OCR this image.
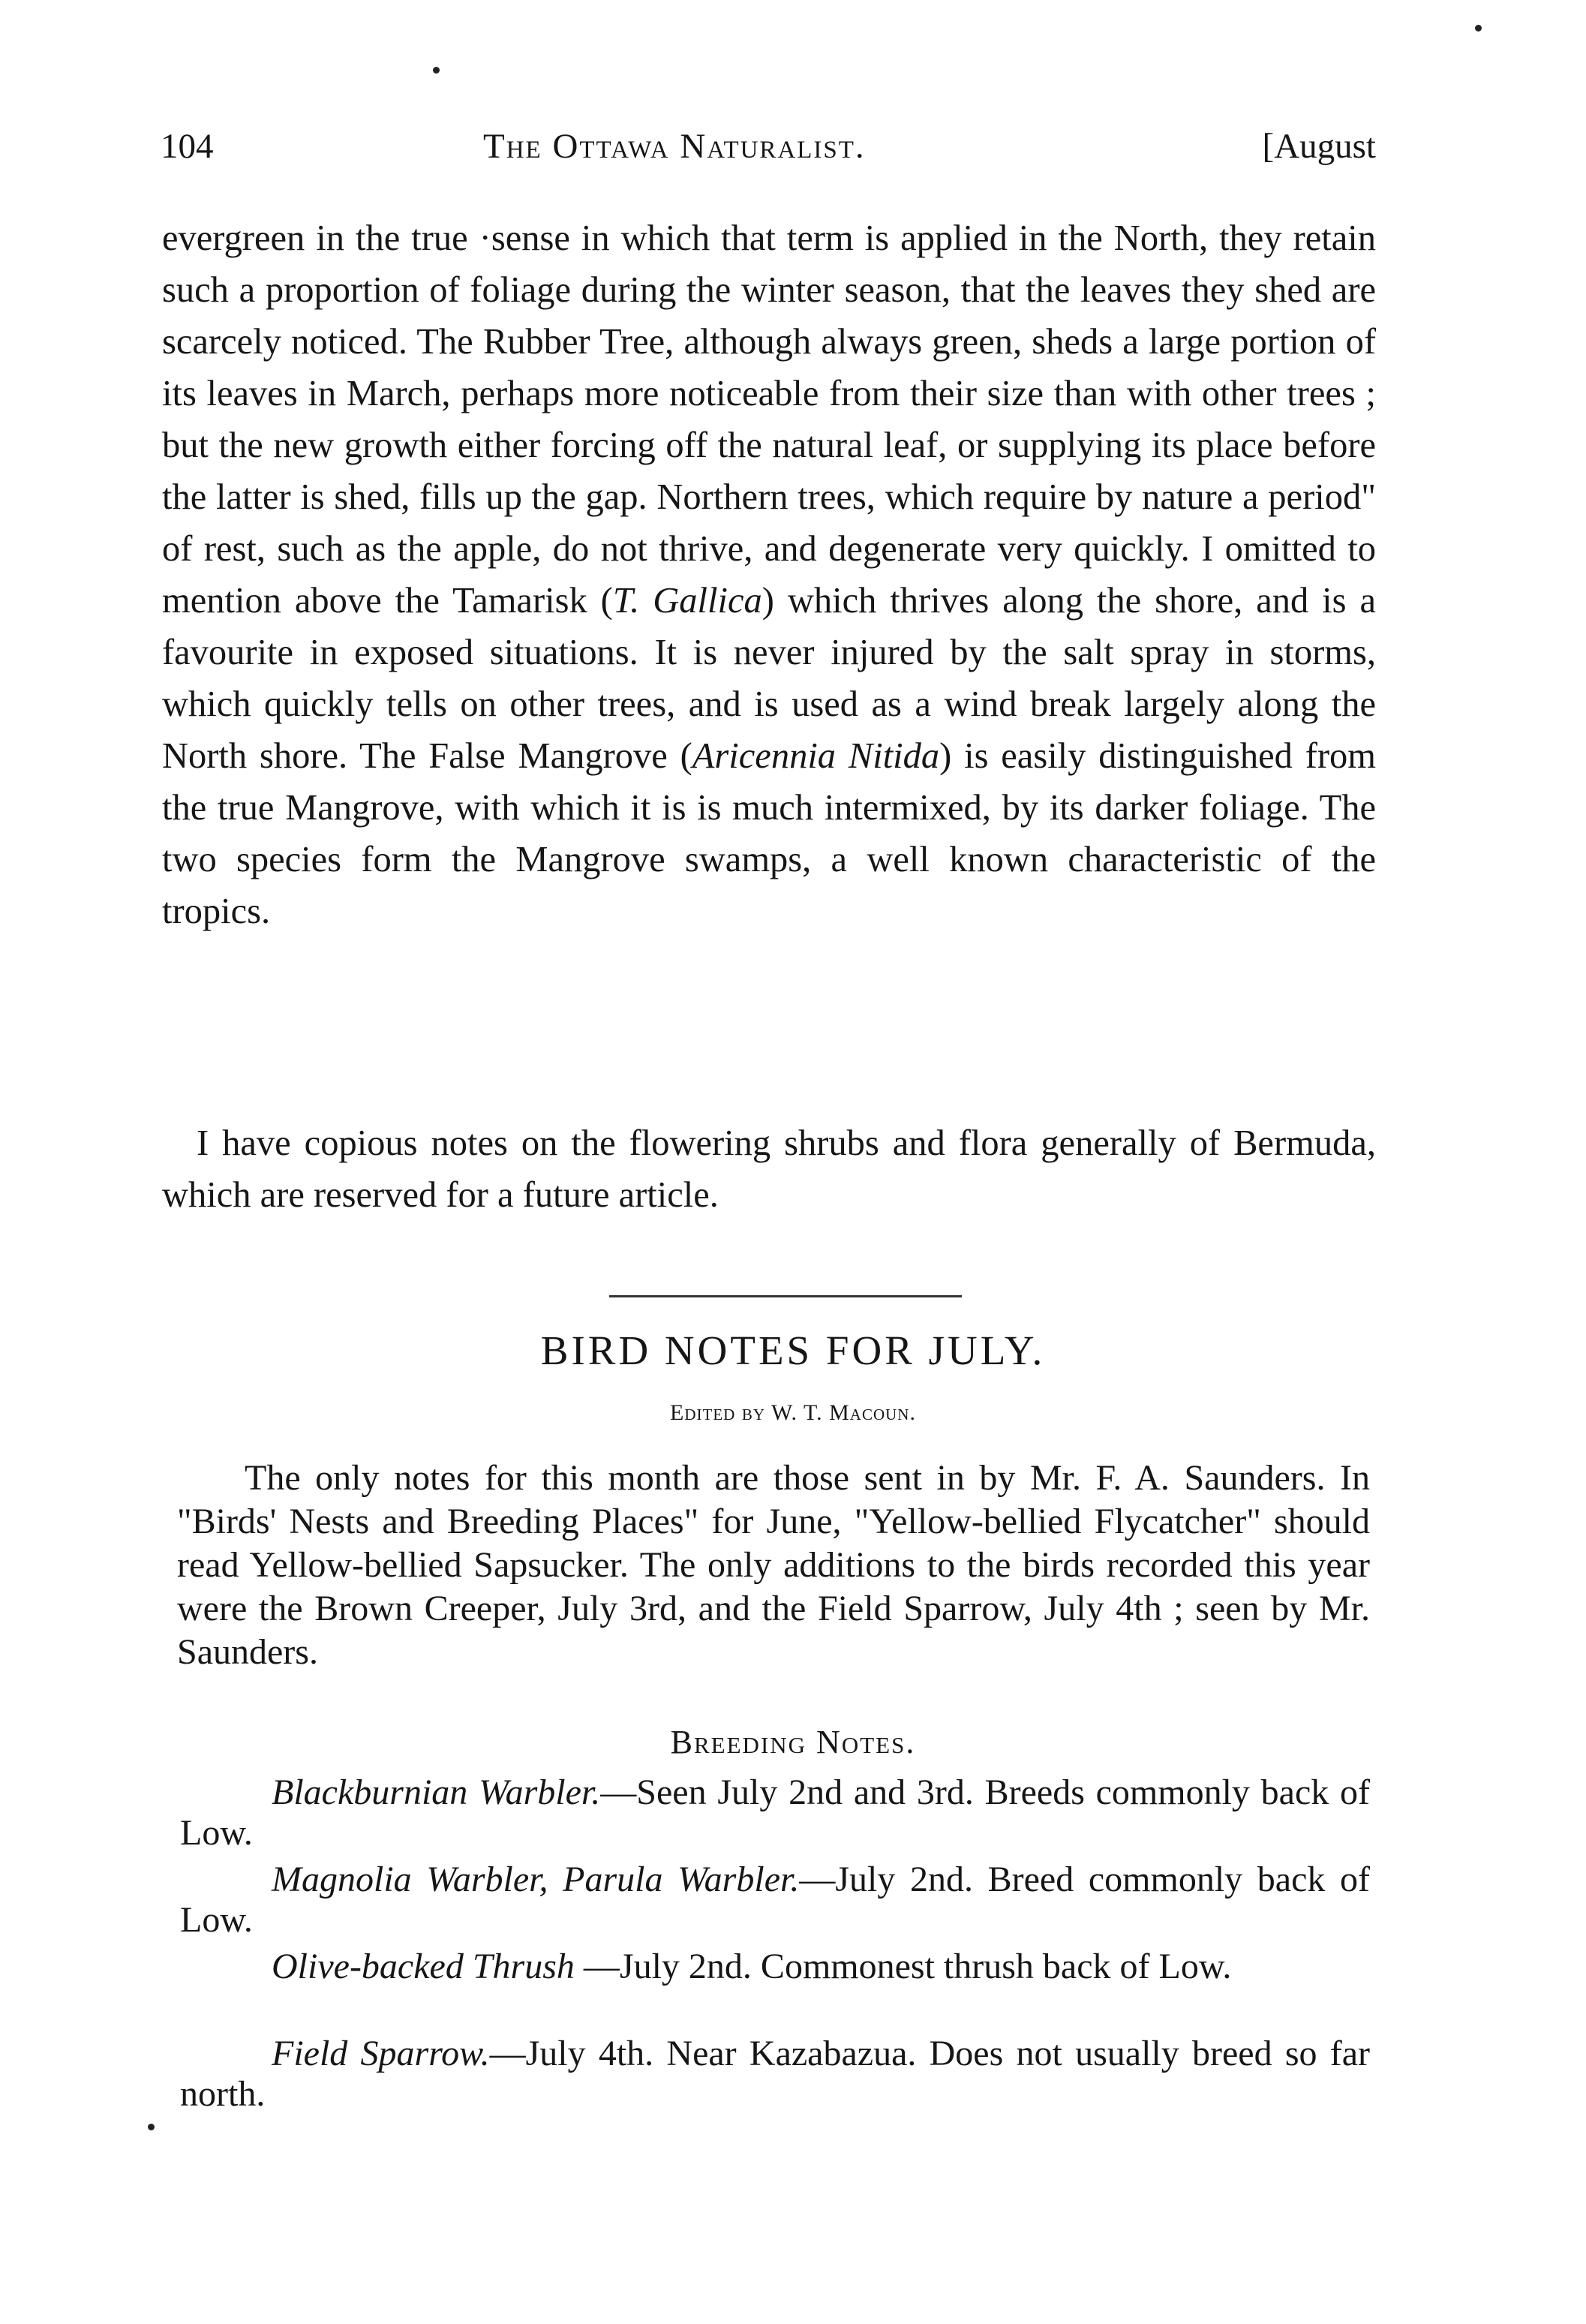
104	The Ottawa Naturalist.	[August

evergreen in the true ·sense in which that term is applied in the North, they retain such a proportion of foliage during the winter season, that the leaves they shed are scarcely noticed. The Rubber Tree, although always green, sheds a large portion of its leaves in March, perhaps more noticeable from their size than with other trees ; but the new growth either forcing off the natural leaf, or supplying its place before the latter is shed, fills up the gap. Northern trees, which require by nature a period" of rest, such as the apple, do not thrive, and degenerate very quickly. I omitted to mention above the Tamarisk (T. Gallica) which thrives along the shore, and is a favourite in exposed situations. It is never injured by the salt spray in storms, which quickly tells on other trees, and is used as a wind break largely along the North shore. The False Mangrove (Aricennia Nitida) is easily distinguished from the true Mangrove, with which it is is much intermixed, by its darker foliage. The two species form the Mangrove swamps, a well known characteristic of the tropics.

I have copious notes on the flowering shrubs and flora generally of Bermuda, which are reserved for a future article.

BIRD NOTES FOR JULY.
Edited by W. T. Macoun.

The only notes for this month are those sent in by Mr. F. A. Saunders. In "Birds' Nests and Breeding Places" for June, "Yellow-bellied Flycatcher" should read Yellow-bellied Sapsucker. The only additions to the birds recorded this year were the Brown Creeper, July 3rd, and the Field Sparrow, July 4th ; seen by Mr. Saunders.

Breeding Notes.

Blackburnian Warbler.—Seen July 2nd and 3rd. Breeds commonly back of Low.

Magnolia Warbler, Parula Warbler.—July 2nd. Breed commonly back of Low.

Olive-backed Thrush —July 2nd. Commonest thrush back of Low.

Field Sparrow.—July 4th. Near Kazabazua. Does not usually breed so far north.
